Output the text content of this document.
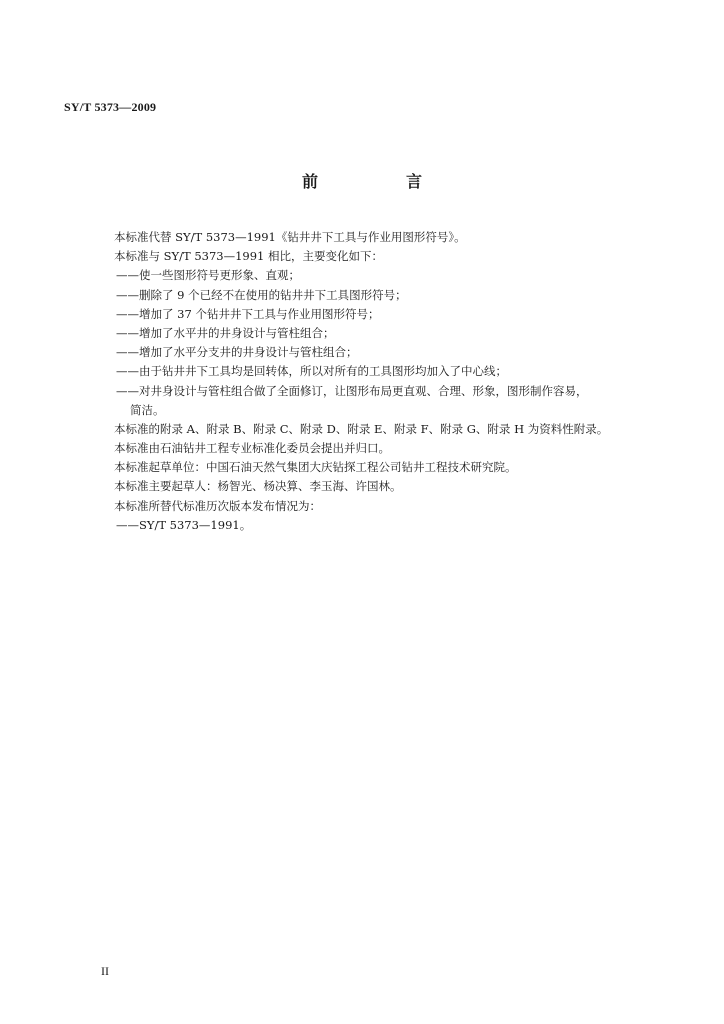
SY/T 5373—2009
前　言
本标准代替 SY/T 5373—1991《钻井井下工具与作业用图形符号》。
本标准与 SY/T 5373—1991 相比，主要变化如下：
——使一些图形符号更形象、直观；
——删除了 9 个已经不在使用的钻井井下工具图形符号；
——增加了 37 个钻井井下工具与作业用图形符号；
——增加了水平井的井身设计与管柱组合；
——增加了水平分支井的井身设计与管柱组合；
——由于钻井井下工具均是回转体，所以对所有的工具图形均加入了中心线；
——对井身设计与管柱组合做了全面修订，让图形布局更直观、合理、形象，图形制作容易，
简洁。
本标准的附录 A、附录 B、附录 C、附录 D、附录 E、附录 F、附录 G、附录 H 为资料性附录。
本标准由石油钻井工程专业标准化委员会提出并归口。
本标准起草单位：中国石油天然气集团大庆钻探工程公司钻井工程技术研究院。
本标准主要起草人：杨智光、杨决算、李玉海、许国林。
本标准所替代标准历次版本发布情况为：
——SY/T 5373—1991。
II
